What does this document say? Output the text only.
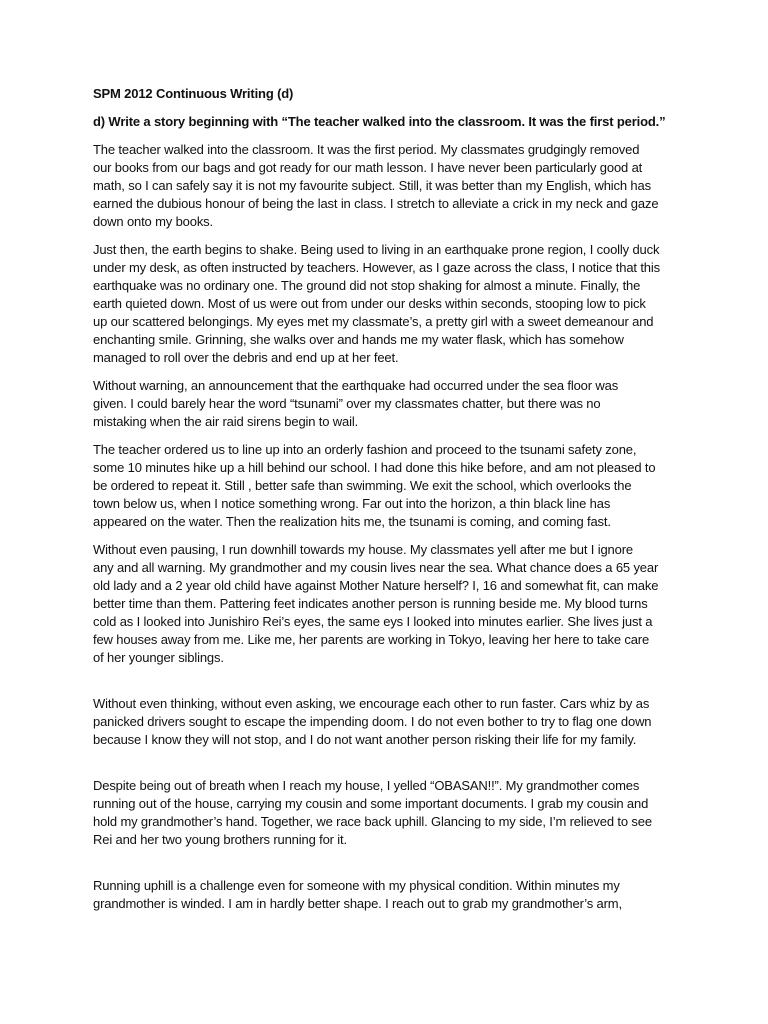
SPM 2012 Continuous Writing (d)
d) Write a story beginning with “The teacher walked into the classroom. It was the first period.”
The teacher walked into the classroom. It was the first period. My classmates grudgingly removed
our books from our bags and got ready for our math lesson. I have never been particularly good at
math, so I can safely say it is not my favourite subject. Still, it was better than my English, which has
earned the dubious honour of being the last in class. I stretch to alleviate a crick in my neck and gaze
down onto my books.
Just then, the earth begins to shake. Being used to living in an earthquake prone region, I coolly duck
under my desk, as often instructed by teachers. However, as I gaze across the class, I notice that this
earthquake was no ordinary one. The ground did not stop shaking for almost a minute. Finally, the
earth quieted down. Most of us were out from under our desks within seconds, stooping low to pick
up our scattered belongings. My eyes met my classmate’s, a pretty girl with a sweet demeanour and
enchanting smile. Grinning, she walks over and hands me my water flask, which has somehow
managed to roll over the debris and end up at her feet.
Without warning, an announcement that the earthquake had occurred under the sea floor was
given. I could barely hear the word “tsunami” over my classmates chatter, but there was no
mistaking when the air raid sirens begin to wail.
The teacher ordered us to line up into an orderly fashion and proceed to the tsunami safety zone,
some 10 minutes hike up a hill behind our school. I had done this hike before, and am not pleased to
be ordered to repeat it. Still , better safe than swimming. We exit the school, which overlooks the
town below us, when I notice something wrong. Far out into the horizon, a thin black line has
appeared on the water. Then the realization hits me, the tsunami is coming, and coming fast.
Without even pausing, I run downhill towards my house. My classmates yell after me but I ignore
any and all warning. My grandmother and my cousin lives near the sea. What chance does a 65 year
old lady and a 2 year old child have against Mother Nature herself? I, 16 and somewhat fit, can make
better time than them. Pattering feet indicates another person is running beside me. My blood turns
cold as I looked into Junishiro Rei’s eyes, the same eys I looked into minutes earlier. She lives just a
few houses away from me. Like me, her parents are working in Tokyo, leaving her here to take care
of her younger siblings.
Without even thinking, without even asking, we encourage each other to run faster. Cars whiz by as
panicked drivers sought to escape the impending doom. I do not even bother to try to flag one down
because I know they will not stop, and I do not want another person risking their life for my family.
Despite being out of breath when I reach my house, I yelled “OBASAN!!”. My grandmother comes
running out of the house, carrying my cousin and some important documents. I grab my cousin and
hold my grandmother’s hand. Together, we race back uphill. Glancing to my side, I’m relieved to see
Rei and her two young brothers running for it.
Running uphill is a challenge even for someone with my physical condition. Within minutes my
grandmother is winded. I am in hardly better shape. I reach out to grab my grandmother’s arm,
